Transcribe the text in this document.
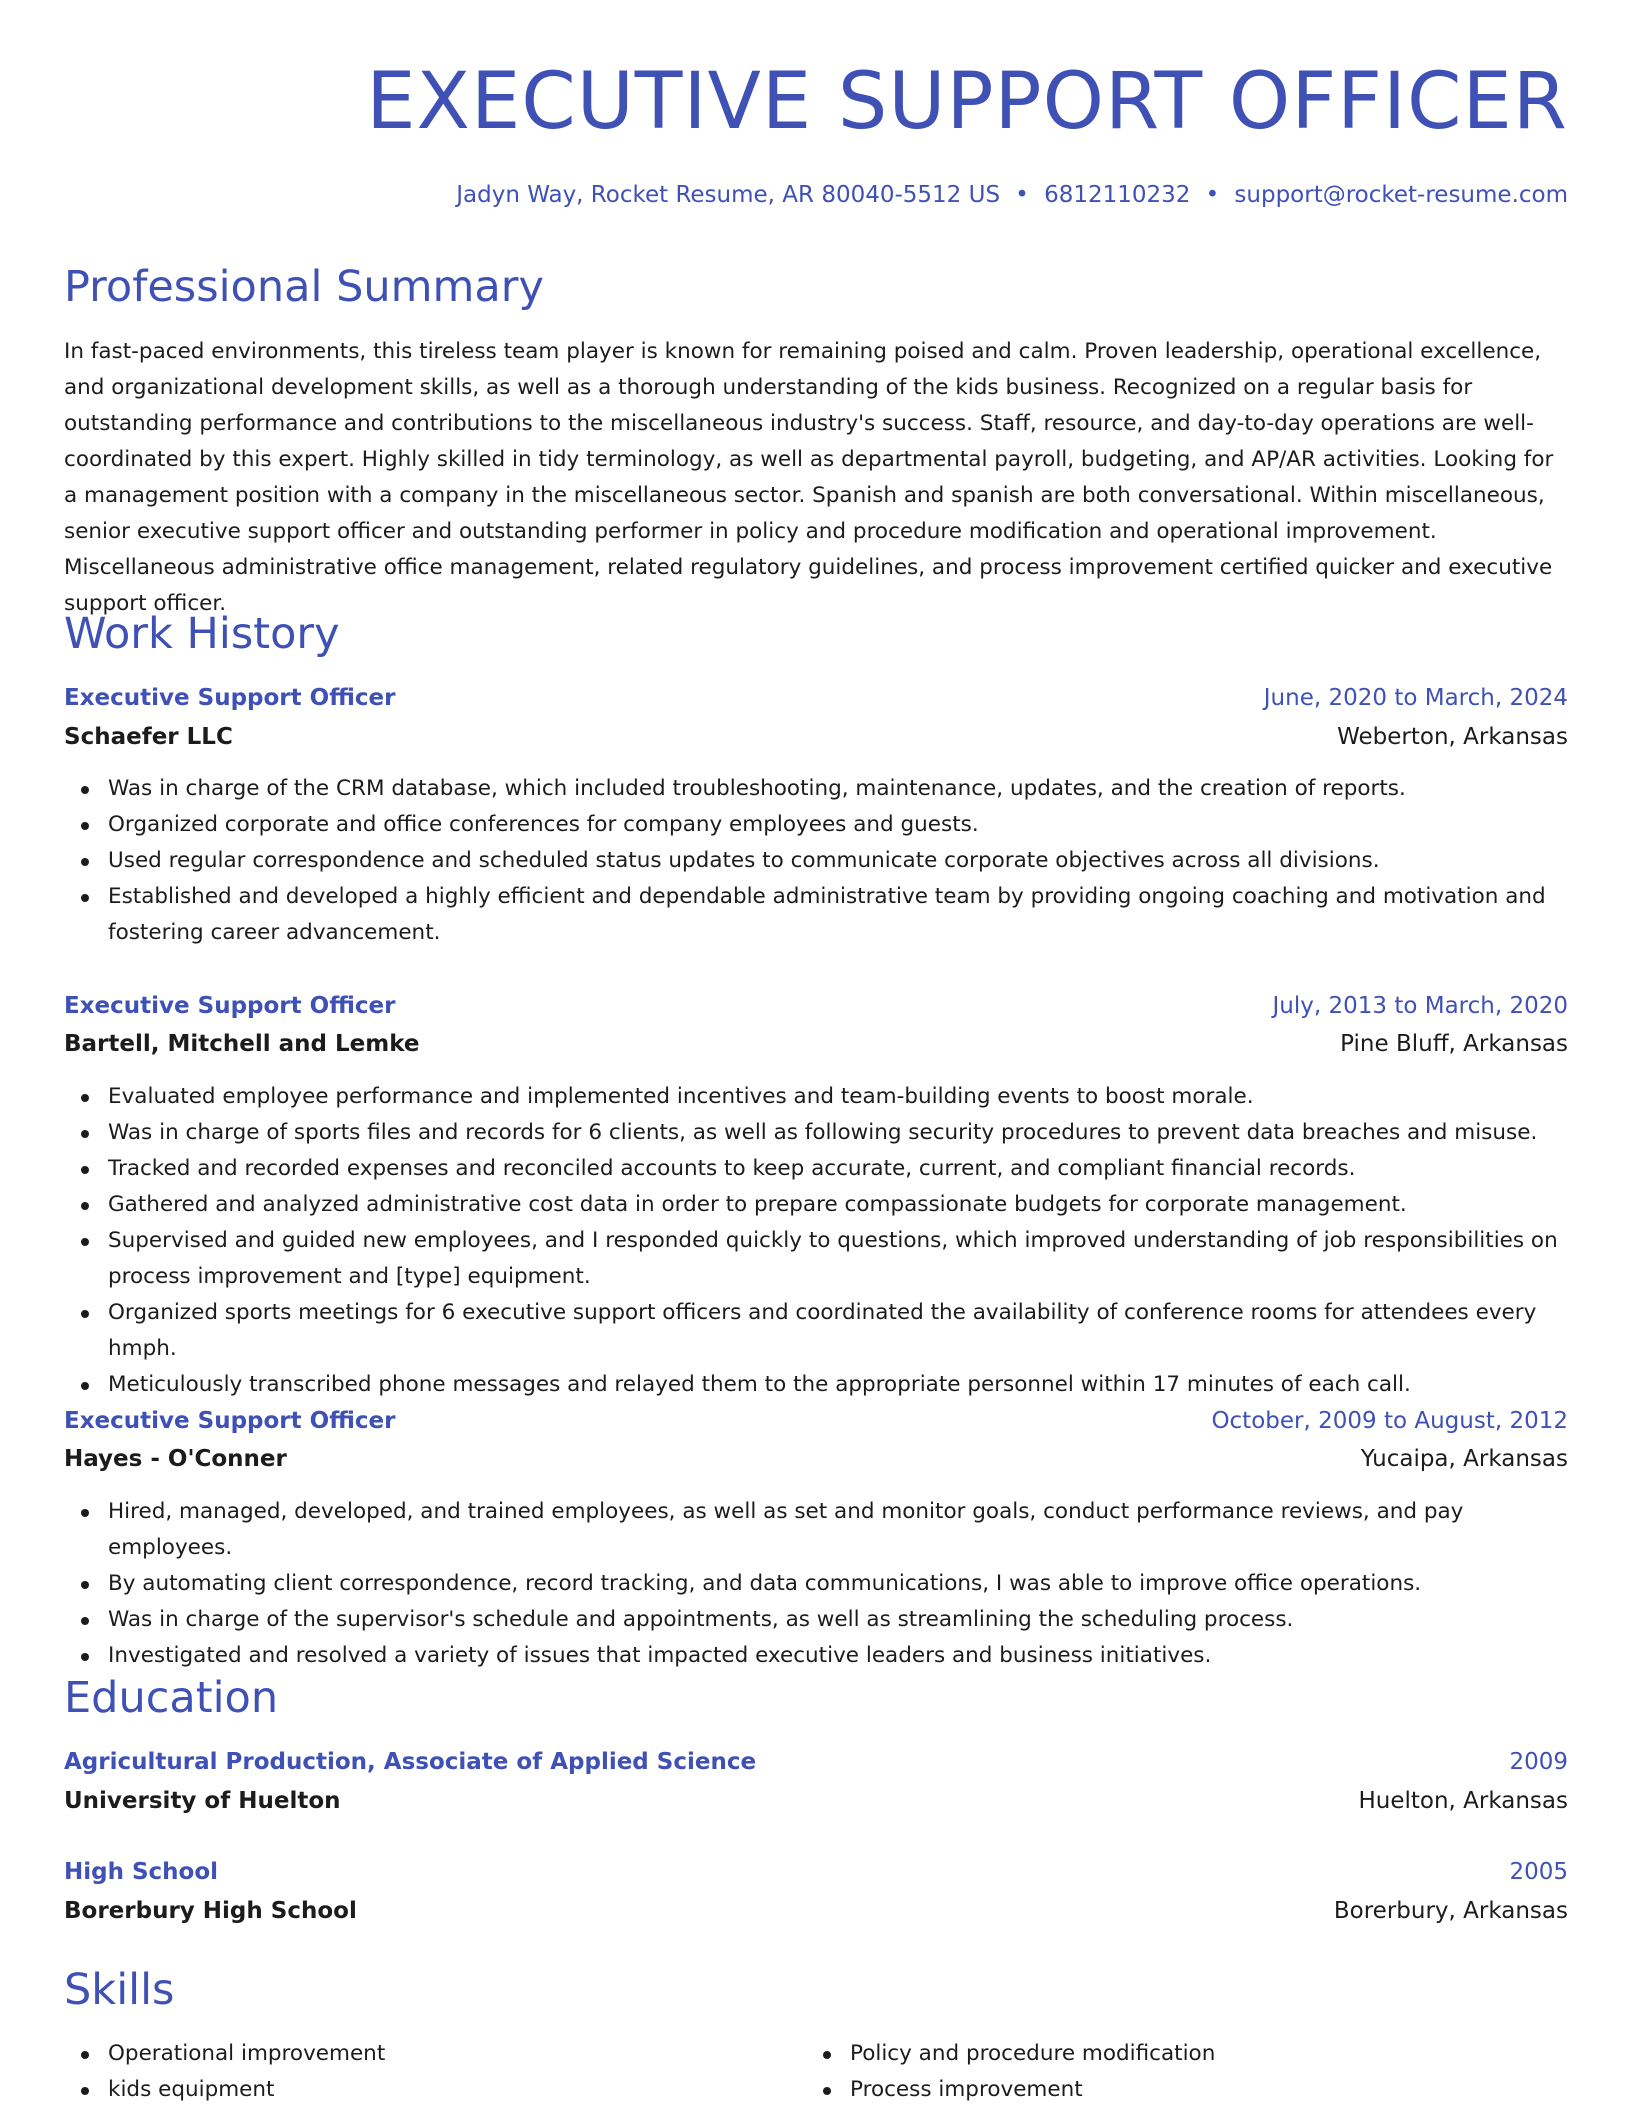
EXECUTIVE SUPPORT OFFICER
Jadyn Way, Rocket Resume, AR 80040-5512 US • 6812110232 • support@rocket-resume.com
Professional Summary

In fast-paced environments, this tireless team player is known for remaining poised and calm. Proven leadership, operational excellence, and organizational development skills, as well as a thorough understanding of the kids business. Recognized on a regular basis for outstanding performance and contributions to the miscellaneous industry's success. Staff, resource, and day-to-day operations are well-coordinated by this expert. Highly skilled in tidy terminology, as well as departmental payroll, budgeting, and AP/AR activities. Looking for a management position with a company in the miscellaneous sector. Spanish and spanish are both conversational. Within miscellaneous, senior executive support officer and outstanding performer in policy and procedure modification and operational improvement. Miscellaneous administrative office management, related regulatory guidelines, and process improvement certified quicker and executive support officer.

Work History
Executive Support Officer	June, 2020 to March, 2024
Schaefer LLC	Weberton, Arkansas
Was in charge of the CRM database, which included troubleshooting, maintenance, updates, and the creation of reports.
Organized corporate and office conferences for company employees and guests.
Used regular correspondence and scheduled status updates to communicate corporate objectives across all divisions.
Established and developed a highly efficient and dependable administrative team by providing ongoing coaching and motivation and fostering career advancement.
Executive Support Officer	July, 2013 to March, 2020
Bartell, Mitchell and Lemke	Pine Bluff, Arkansas
Evaluated employee performance and implemented incentives and team-building events to boost morale.
Was in charge of sports files and records for 6 clients, as well as following security procedures to prevent data breaches and misuse.
Tracked and recorded expenses and reconciled accounts to keep accurate, current, and compliant financial records.
Gathered and analyzed administrative cost data in order to prepare compassionate budgets for corporate management.
Supervised and guided new employees, and I responded quickly to questions, which improved understanding of job responsibilities on process improvement and [type] equipment.
Organized sports meetings for 6 executive support officers and coordinated the availability of conference rooms for attendees every hmph.
Meticulously transcribed phone messages and relayed them to the appropriate personnel within 17 minutes of each call.
Executive Support Officer	October, 2009 to August, 2012
Hayes - O'Conner	Yucaipa, Arkansas
Hired, managed, developed, and trained employees, as well as set and monitor goals, conduct performance reviews, and pay employees.
By automating client correspondence, record tracking, and data communications, I was able to improve office operations.
Was in charge of the supervisor's schedule and appointments, as well as streamlining the scheduling process.
Investigated and resolved a variety of issues that impacted executive leaders and business initiatives.
Education
Agricultural Production, Associate of Applied Science	2009
University of Huelton	Huelton, Arkansas
High School	2005
Borerbury High School	Borerbury, Arkansas
Skills
Operational improvement
kids equipment
Policy and procedure modification
Process improvement
